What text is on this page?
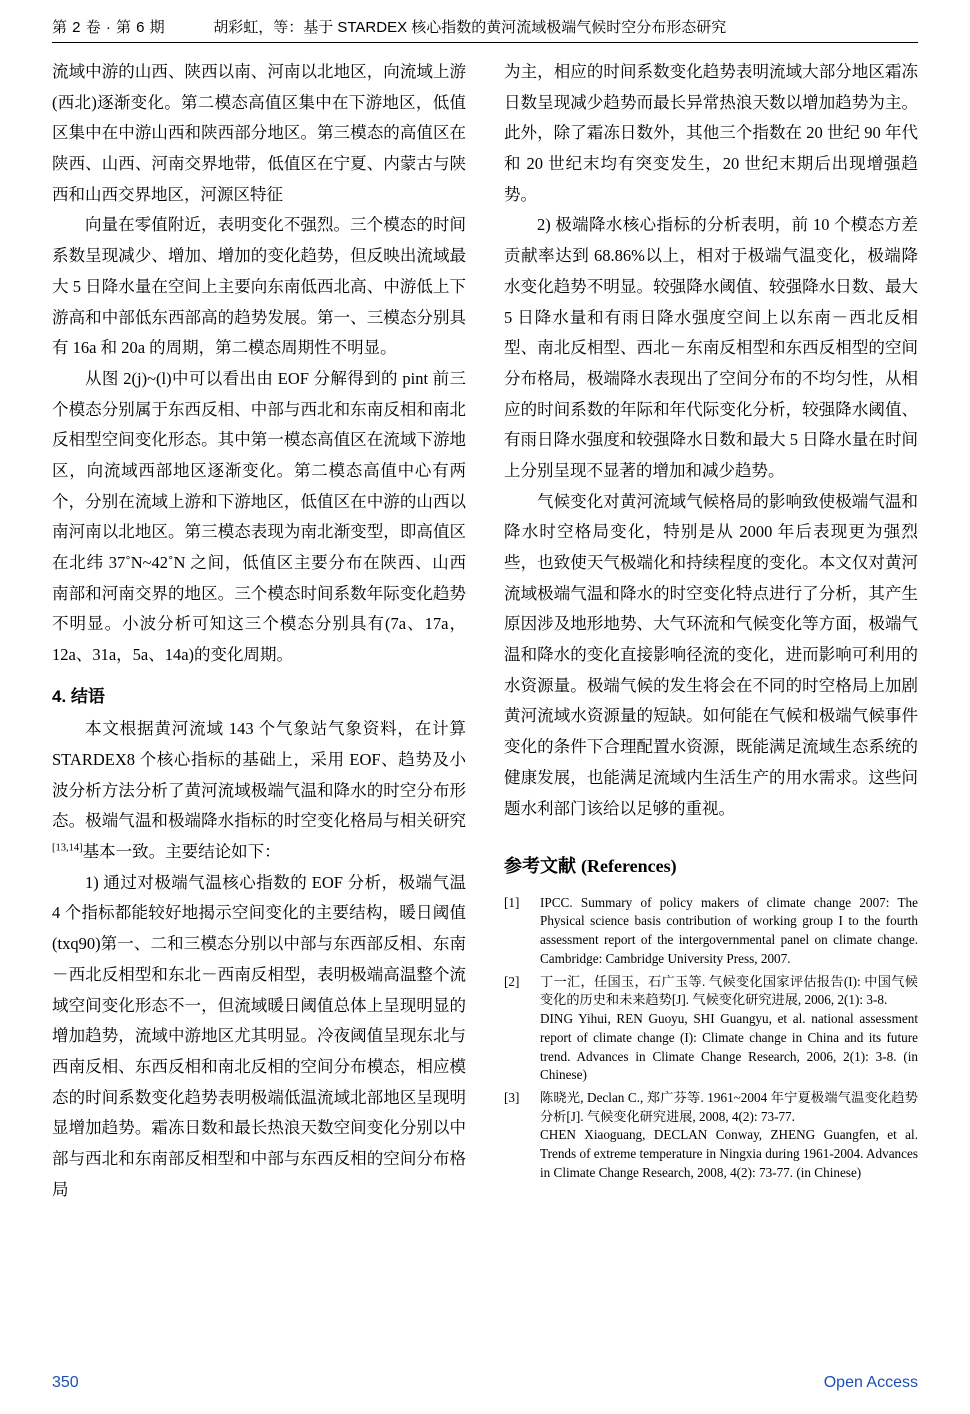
第 2 卷 · 第 6 期	胡彩虹，等：基于 STARDEX 核心指数的黄河流域极端气候时空分布形态研究

流域中游的山西、陕西以南、河南以北地区，向流域上游(西北)逐渐变化。第二模态高值区集中在下游地区，低值区集中在中游山西和陕西部分地区。第三模态的高值区在陕西、山西、河南交界地带，低值区在宁夏、内蒙古与陕西和山西交界地区，河源区特征

向量在零值附近，表明变化不强烈。三个模态的时间系数呈现减少、增加、增加的变化趋势，但反映出流域最大 5 日降水量在空间上主要向东南低西北高、中游低上下游高和中部低东西部高的趋势发展。第一、三模态分别具有 16a 和 20a 的周期，第二模态周期性不明显。

从图 2(j)~(l)中可以看出由 EOF 分解得到的 pint 前三个模态分别属于东西反相、中部与西北和东南反相和南北反相型空间变化形态。其中第一模态高值区在流域下游地区，向流域西部地区逐渐变化。第二模态高值中心有两个，分别在流域上游和下游地区，低值区在中游的山西以南河南以北地区。第三模态表现为南北渐变型，即高值区在北纬 37˚N~42˚N 之间，低值区主要分布在陕西、山西南部和河南交界的地区。三个模态时间系数年际变化趋势不明显。小波分析可知这三个模态分别具有(7a、17a，12a、31a，5a、14a)的变化周期。

4. 结语

本文根据黄河流域 143 个气象站气象资料，在计算 STARDEX8 个核心指标的基础上，采用 EOF、趋势及小波分析方法分析了黄河流域极端气温和降水的时空分布形态。极端气温和极端降水指标的时空变化格局与相关研究[13,14]基本一致。主要结论如下：

1) 通过对极端气温核心指数的 EOF 分析，极端气温 4 个指标都能较好地揭示空间变化的主要结构，暖日阈值(txq90)第一、二和三模态分别以中部与东西部反相、东南－西北反相型和东北－西南反相型，表明极端高温整个流域空间变化形态不一，但流域暖日阈值总体上呈现明显的增加趋势，流域中游地区尤其明显。冷夜阈值呈现东北与西南反相、东西反相和南北反相的空间分布模态，相应模态的时间系数变化趋势表明极端低温流域北部地区呈现明显增加趋势。霜冻日数和最长热浪天数空间变化分别以中部与西北和东南部反相型和中部与东西反相的空间分布格局

为主，相应的时间系数变化趋势表明流域大部分地区霜冻日数呈现减少趋势而最长异常热浪天数以增加趋势为主。此外，除了霜冻日数外，其他三个指数在 20 世纪 90 年代和 20 世纪末均有突变发生，20 世纪末期后出现增强趋势。

2) 极端降水核心指标的分析表明，前 10 个模态方差贡献率达到 68.86%以上，相对于极端气温变化，极端降水变化趋势不明显。较强降水阈值、较强降水日数、最大 5 日降水量和有雨日降水强度空间上以东南－西北反相型、南北反相型、西北－东南反相型和东西反相型的空间分布格局，极端降水表现出了空间分布的不均匀性，从相应的时间系数的年际和年代际变化分析，较强降水阈值、有雨日降水强度和较强降水日数和最大 5 日降水量在时间上分别呈现不显著的增加和减少趋势。

气候变化对黄河流域气候格局的影响致使极端气温和降水时空格局变化，特别是从 2000 年后表现更为强烈些，也致使天气极端化和持续程度的变化。本文仅对黄河流域极端气温和降水的时空变化特点进行了分析，其产生原因涉及地形地势、大气环流和气候变化等方面，极端气温和降水的变化直接影响径流的变化，进而影响可利用的水资源量。极端气候的发生将会在不同的时空格局上加剧黄河流域水资源量的短缺。如何能在气候和极端气候事件变化的条件下合理配置水资源，既能满足流域生态系统的健康发展，也能满足流域内生活生产的用水需求。这些问题水利部门该给以足够的重视。

参考文献 (References)
[1]	IPCC. Summary of policy makers of climate change 2007: The Physical science basis contribution of working group I to the fourth assessment report of the intergovernmental panel on climate change. Cambridge: Cambridge University Press, 2007.
[2]	丁一汇，任国玉，石广玉等. 气候变化国家评估报告(I): 中国气候变化的历史和未来趋势[J]. 气候变化研究进展, 2006, 2(1): 3-8.
DING Yihui, REN Guoyu, SHI Guangyu, et al. national assessment report of climate change (I): Climate change in China and its future trend. Advances in Climate Change Research, 2006, 2(1): 3-8. (in Chinese)
[3]	陈晓光, Declan C., 郑广芬等. 1961~2004 年宁夏极端气温变化趋势分析[J]. 气候变化研究进展, 2008, 4(2): 73-77.
CHEN Xiaoguang, DECLAN Conway, ZHENG Guangfen, et al. Trends of extreme temperature in Ningxia during 1961-2004. Advances in Climate Change Research, 2008, 4(2): 73-77. (in Chinese)
350	Open Access
